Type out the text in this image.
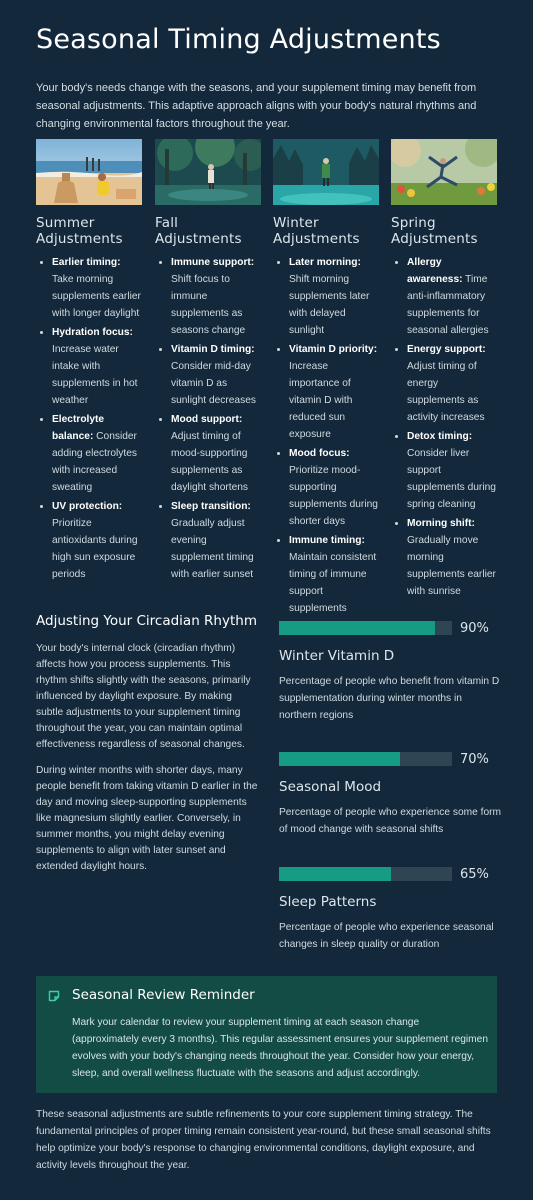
Seasonal Timing Adjustments

Your body's needs change with the seasons, and your supplement timing may benefit from seasonal adjustments. This adaptive approach aligns with your body's natural rhythms and changing environmental factors throughout the year.

Summer Adjustments
Earlier timing: Take morning supplements earlier with longer daylight
Hydration focus: Increase water intake with supplements in hot weather
Electrolyte balance: Consider adding electrolytes with increased sweating
UV protection: Prioritize antioxidants during high sun exposure periods
Fall Adjustments
Immune support: Shift focus to immune supplements as seasons change
Vitamin D timing: Consider mid-day vitamin D as sunlight decreases
Mood support: Adjust timing of mood-supporting supplements as daylight shortens
Sleep transition: Gradually adjust evening supplement timing with earlier sunset
Winter Adjustments
Later morning: Shift morning supplements later with delayed sunlight
Vitamin D priority: Increase importance of vitamin D with reduced sun exposure
Mood focus: Prioritize mood-supporting supplements during shorter days
Immune timing: Maintain consistent timing of immune support supplements
Spring Adjustments
Allergy awareness: Time anti-inflammatory supplements for seasonal allergies
Energy support: Adjust timing of energy supplements as activity increases
Detox timing: Consider liver support supplements during spring cleaning
Morning shift: Gradually move morning supplements earlier with sunrise
Adjusting Your Circadian Rhythm

Your body's internal clock (circadian rhythm) affects how you process supplements. This rhythm shifts slightly with the seasons, primarily influenced by daylight exposure. By making subtle adjustments to your supplement timing throughout the year, you can maintain optimal effectiveness regardless of seasonal changes.

During winter months with shorter days, many people benefit from taking vitamin D earlier in the day and moving sleep-supporting supplements like magnesium slightly earlier. Conversely, in summer months, you might delay evening supplements to align with later sunset and extended daylight hours.

90%
Winter Vitamin D

Percentage of people who benefit from vitamin D supplementation during winter months in northern regions

70%
Seasonal Mood

Percentage of people who experience some form of mood change with seasonal shifts

65%
Sleep Patterns

Percentage of people who experience seasonal changes in sleep quality or duration

Seasonal Review Reminder

Mark your calendar to review your supplement timing at each season change (approximately every 3 months). This regular assessment ensures your supplement regimen evolves with your body's changing needs throughout the year. Consider how your energy, sleep, and overall wellness fluctuate with the seasons and adjust accordingly.

These seasonal adjustments are subtle refinements to your core supplement timing strategy. The fundamental principles of proper timing remain consistent year-round, but these small seasonal shifts help optimize your body's response to changing environmental conditions, daylight exposure, and activity levels throughout the year.
